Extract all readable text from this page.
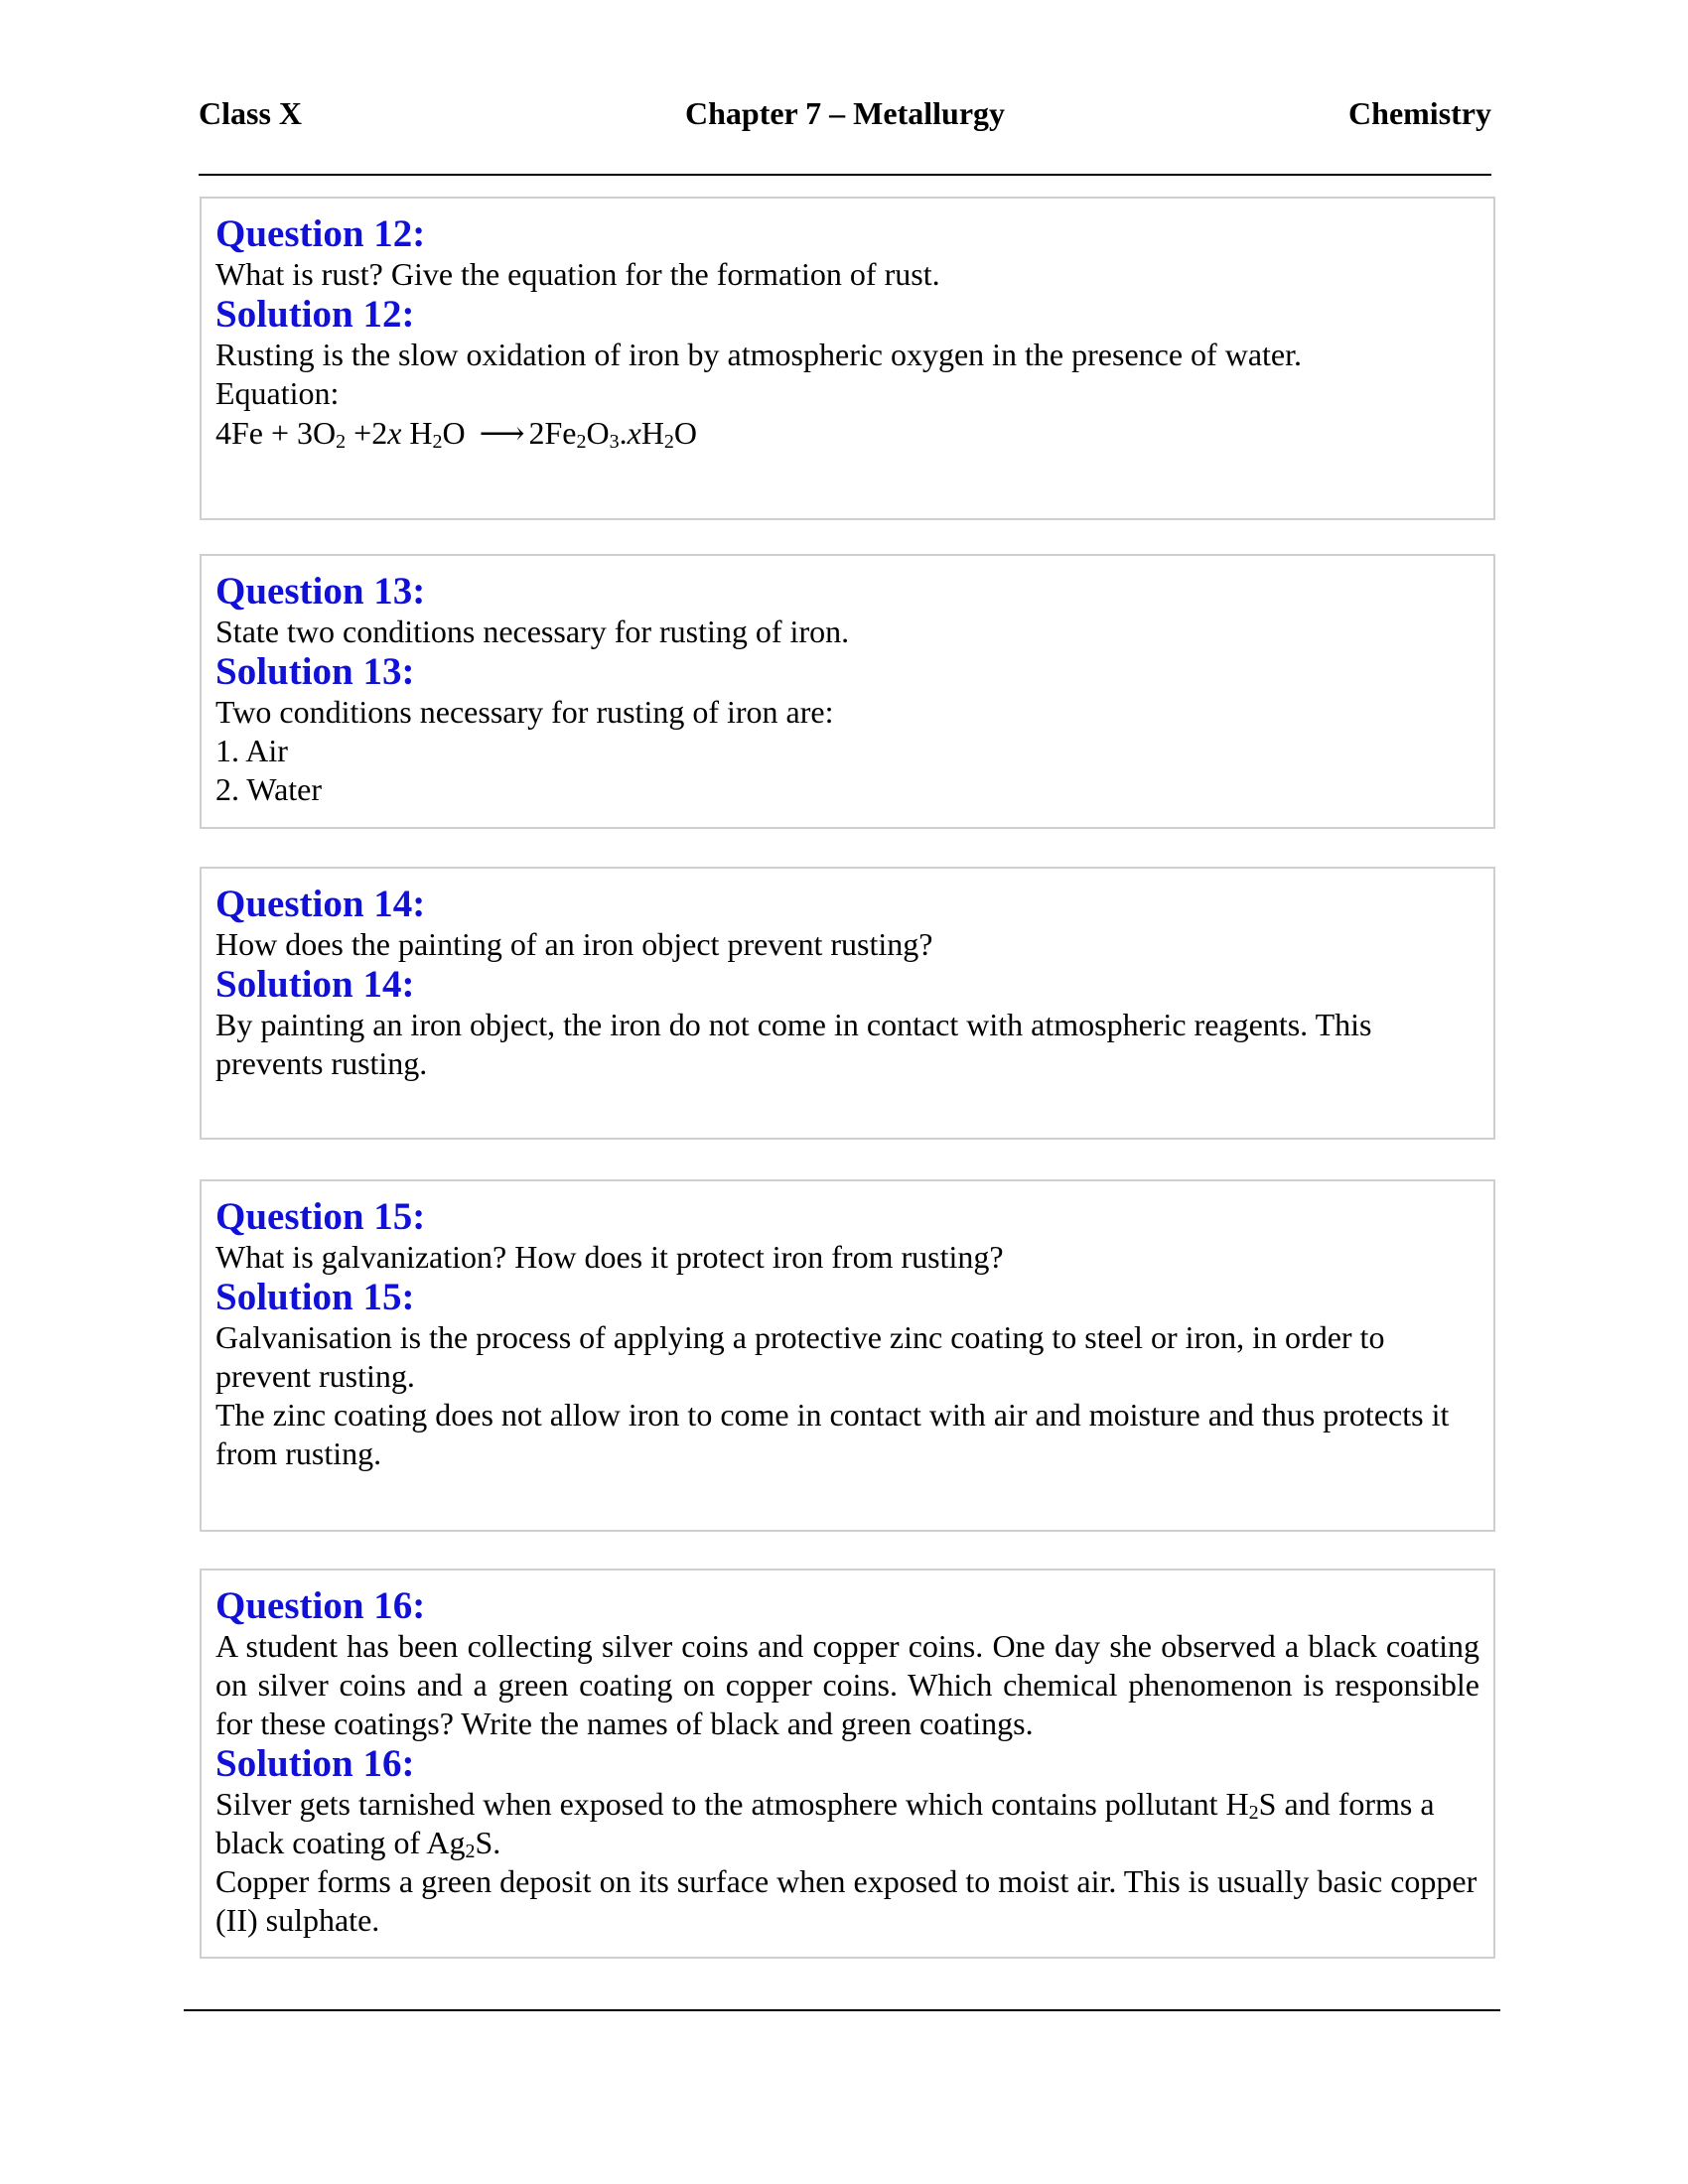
Class X	Chapter 7 – Metallurgy	Chemistry
Question 12:
What is rust? Give the equation for the formation of rust.
Solution 12:
Rusting is the slow oxidation of iron by atmospheric oxygen in the presence of water.
Equation:
$4Fe + 3O_2 +2x$ $H_2O$ ⟶ $2Fe_2O_3.xH_2O$
Question 13:
State two conditions necessary for rusting of iron.
Solution 13:
Two conditions necessary for rusting of iron are:
1. Air
2. Water
Question 14:
How does the painting of an iron object prevent rusting?
Solution 14:
By painting an iron object, the iron do not come in contact with atmospheric reagents. This prevents rusting.
Question 15:
What is galvanization? How does it protect iron from rusting?
Solution 15:
Galvanisation is the process of applying a protective zinc coating to steel or iron, in order to prevent rusting.
The zinc coating does not allow iron to come in contact with air and moisture and thus protects it from rusting.
Question 16:
A student has been collecting silver coins and copper coins. One day she observed a black coating on silver coins and a green coating on copper coins. Which chemical phenomenon is responsible for these coatings? Write the names of black and green coatings.
Solution 16:
Silver gets tarnished when exposed to the atmosphere which contains pollutant $H_2S$ and forms a black coating of $Ag_2S$.
Copper forms a green deposit on its surface when exposed to moist air. This is usually basic copper (II) sulphate.
